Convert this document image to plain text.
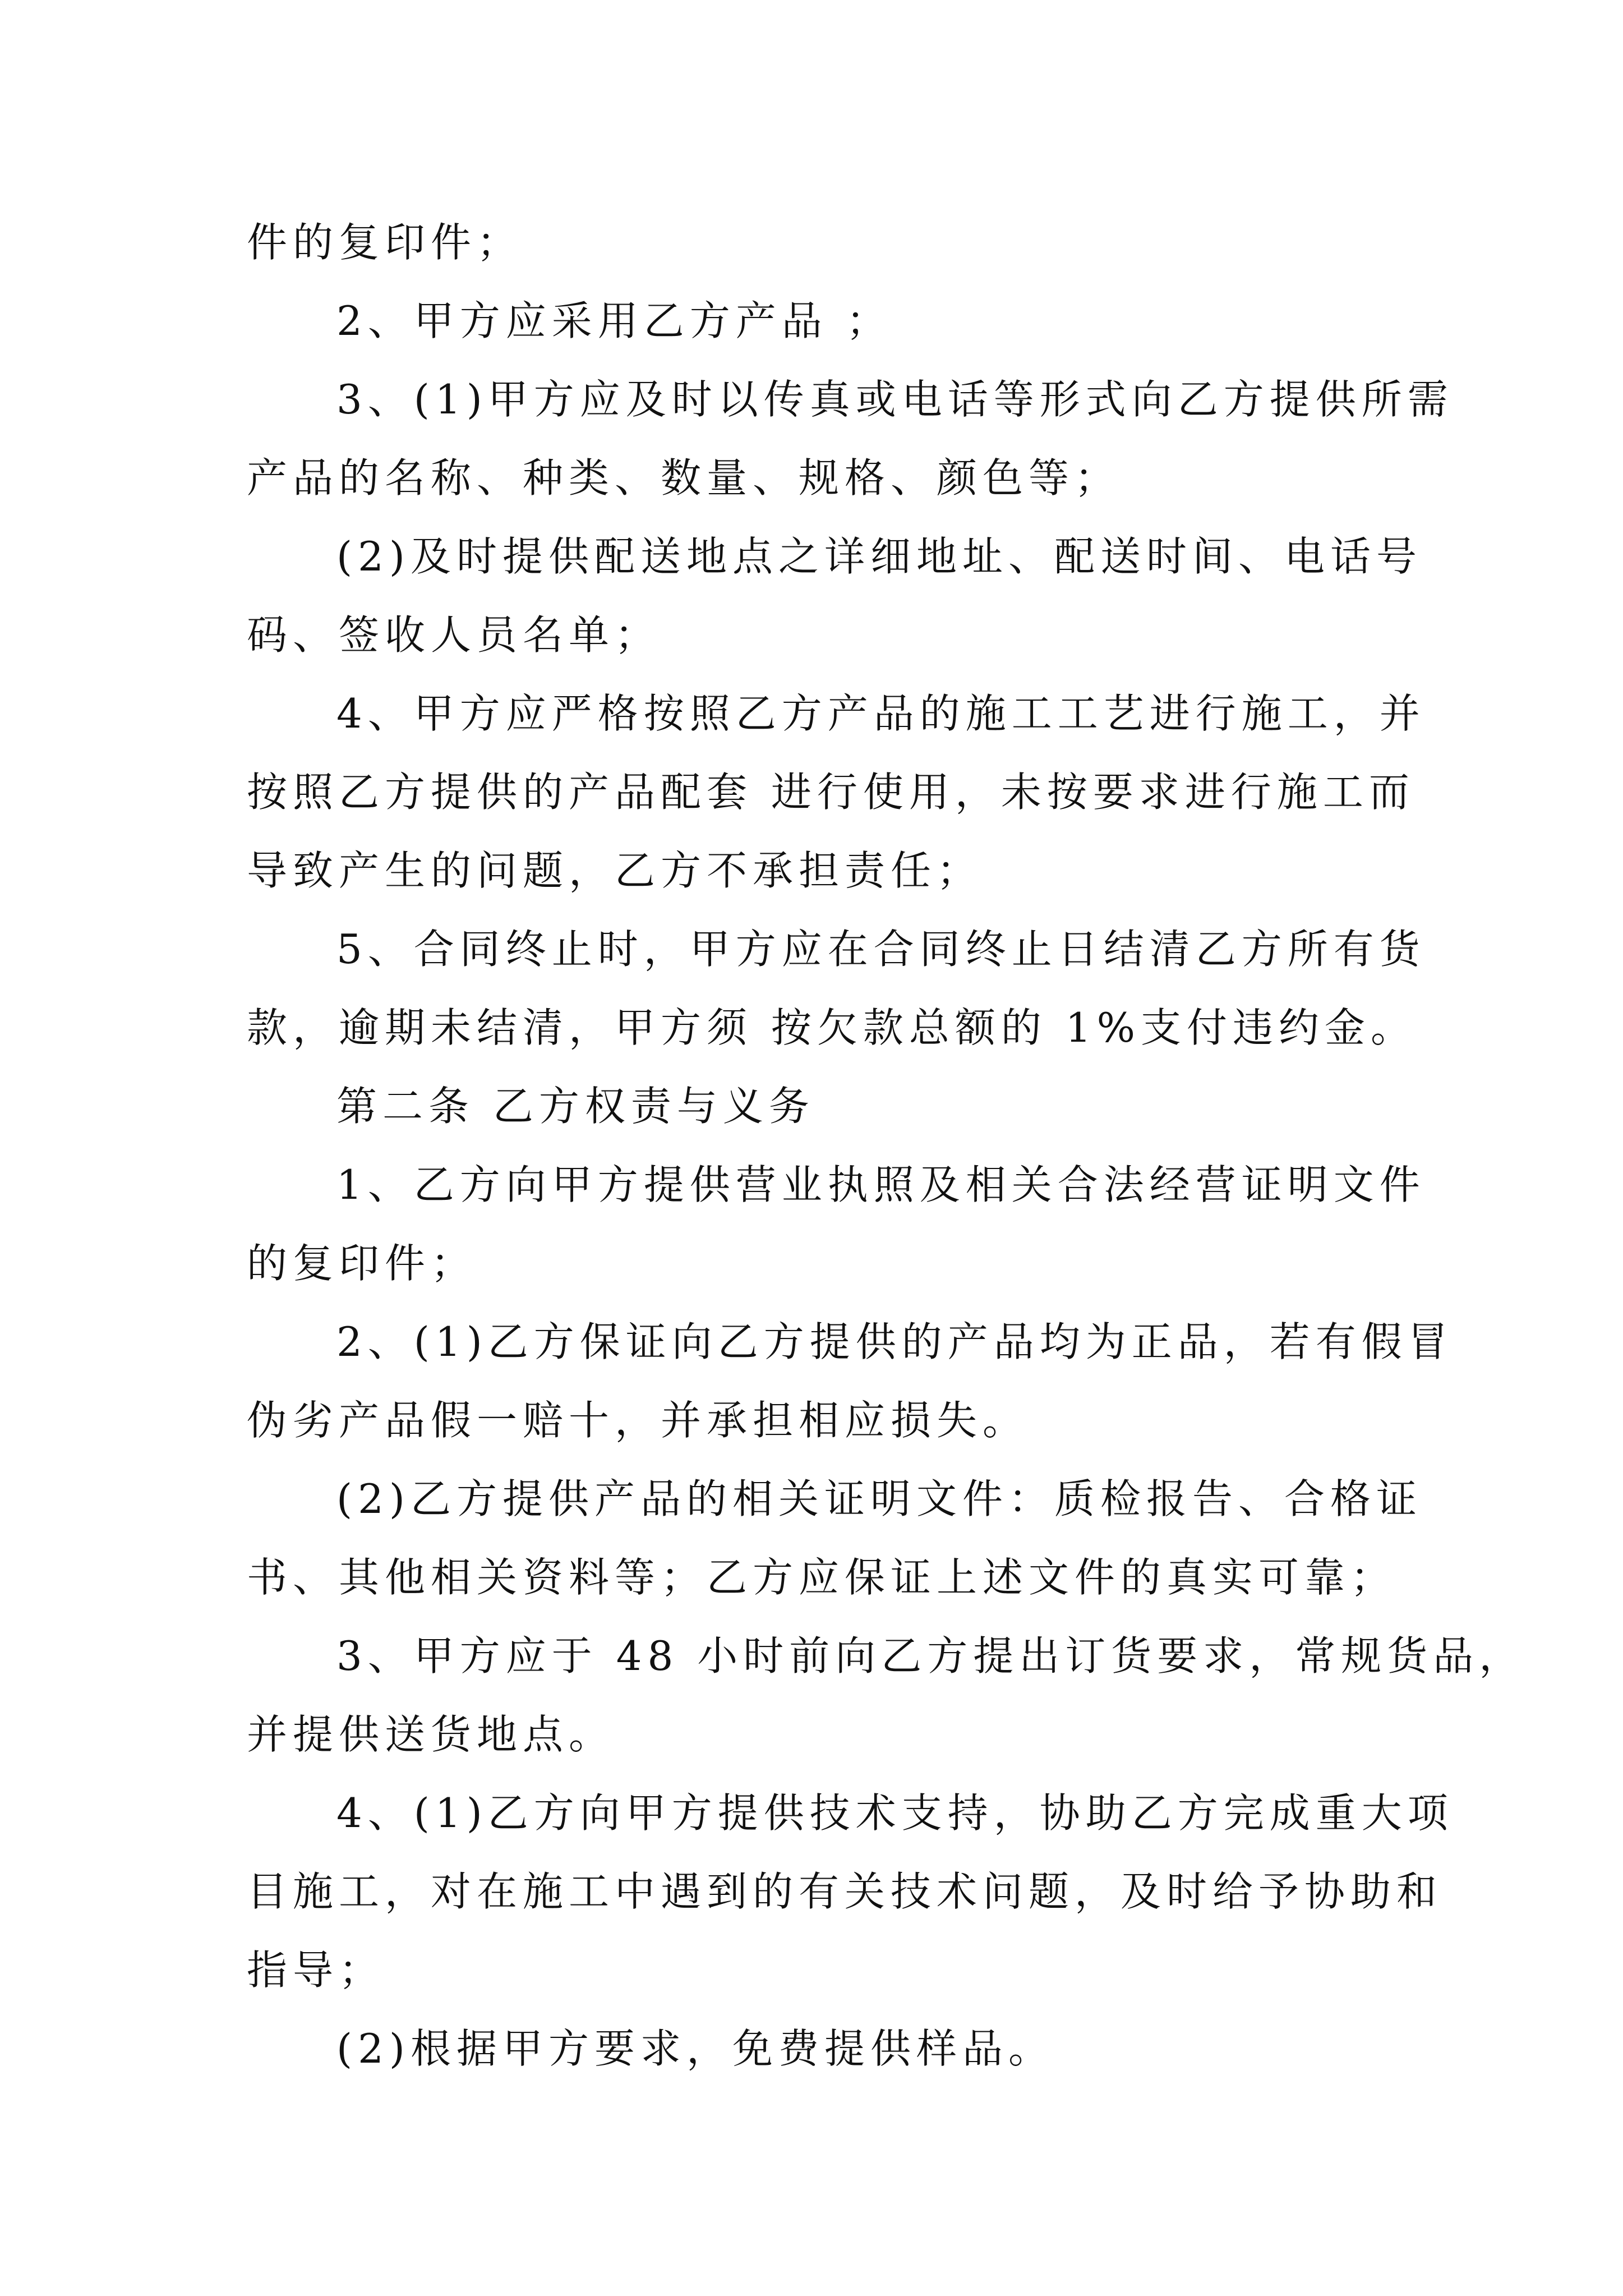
件的复印件；
2、甲方应采用乙方产品 ；
3、(1)甲方应及时以传真或电话等形式向乙方提供所需
产品的名称、种类、数量、规格、颜色等；
(2)及时提供配送地点之详细地址、配送时间、电话号
码、签收人员名单；
4、甲方应严格按照乙方产品的施工工艺进行施工，并
按照乙方提供的产品配套 进行使用，未按要求进行施工而
导致产生的问题，乙方不承担责任；
5、合同终止时，甲方应在合同终止日结清乙方所有货
款，逾期未结清，甲方须 按欠款总额的 1%支付违约金。
第二条 乙方权责与义务
1、乙方向甲方提供营业执照及相关合法经营证明文件
的复印件；
2、(1)乙方保证向乙方提供的产品均为正品，若有假冒
伪劣产品假一赔十，并承担相应损失。
(2)乙方提供产品的相关证明文件：质检报告、合格证
书、其他相关资料等；乙方应保证上述文件的真实可靠；
3、甲方应于 48 小时前向乙方提出订货要求，常规货品，
并提供送货地点。
4、(1)乙方向甲方提供技术支持，协助乙方完成重大项
目施工，对在施工中遇到的有关技术问题，及时给予协助和
指导；
(2)根据甲方要求，免费提供样品。
